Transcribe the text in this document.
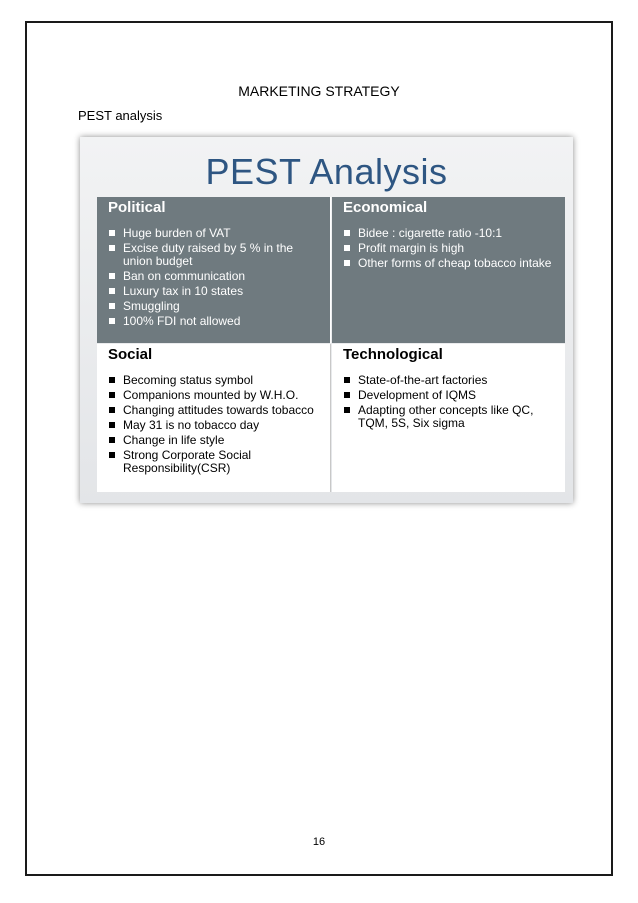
MARKETING STRATEGY
PEST analysis
PEST Analysis
Political
Huge burden of VAT
Excise duty raised by 5 % in the union budget
Ban on communication
Luxury tax in 10 states
Smuggling
100% FDI not allowed
Economical
Bidee : cigarette ratio -10:1
Profit margin is high
Other forms of cheap tobacco intake
Social
Becoming status symbol
Companions mounted by W.H.O.
Changing attitudes towards tobacco
May 31 is no tobacco day
Change in life style
Strong Corporate Social Responsibility(CSR)
Technological
State-of-the-art factories
Development of IQMS
Adapting other concepts like QC, TQM, 5S, Six sigma
16
